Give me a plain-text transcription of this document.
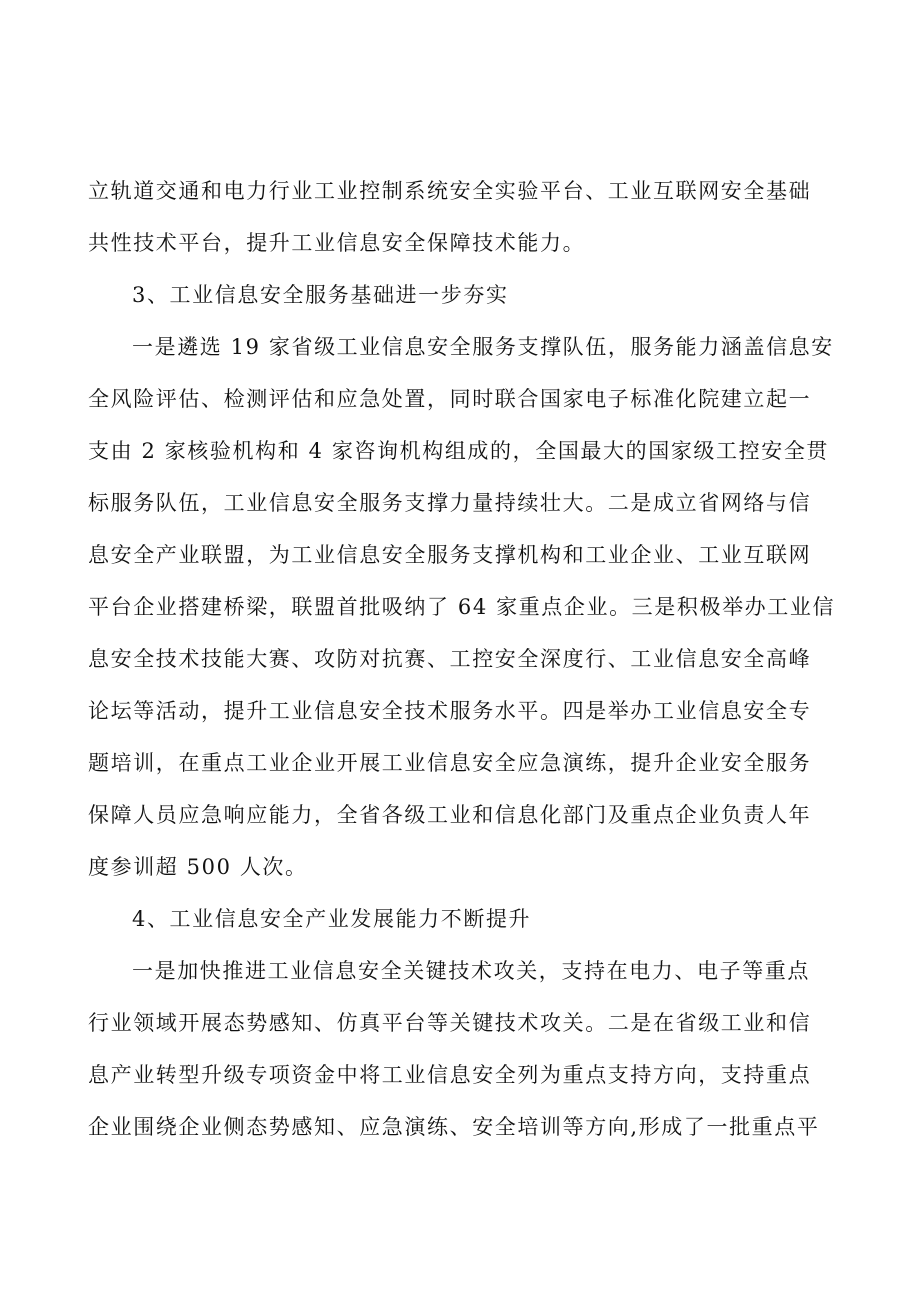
立轨道交通和电力行业工业控制系统安全实验平台、工业互联网安全基础
共性技术平台，提升工业信息安全保障技术能力。
3、工业信息安全服务基础进一步夯实
一是遴选 19 家省级工业信息安全服务支撑队伍，服务能力涵盖信息安
全风险评估、检测评估和应急处置，同时联合国家电子标准化院建立起一
支由 2 家核验机构和 4 家咨询机构组成的，全国最大的国家级工控安全贯
标服务队伍，工业信息安全服务支撑力量持续壮大。二是成立省网络与信
息安全产业联盟，为工业信息安全服务支撑机构和工业企业、工业互联网
平台企业搭建桥梁，联盟首批吸纳了 64 家重点企业。三是积极举办工业信
息安全技术技能大赛、攻防对抗赛、工控安全深度行、工业信息安全高峰
论坛等活动，提升工业信息安全技术服务水平。四是举办工业信息安全专
题培训，在重点工业企业开展工业信息安全应急演练，提升企业安全服务
保障人员应急响应能力，全省各级工业和信息化部门及重点企业负责人年
度参训超 500 人次。
4、工业信息安全产业发展能力不断提升
一是加快推进工业信息安全关键技术攻关，支持在电力、电子等重点
行业领域开展态势感知、仿真平台等关键技术攻关。二是在省级工业和信
息产业转型升级专项资金中将工业信息安全列为重点支持方向，支持重点
企业围绕企业侧态势感知、应急演练、安全培训等方向,形成了一批重点平
